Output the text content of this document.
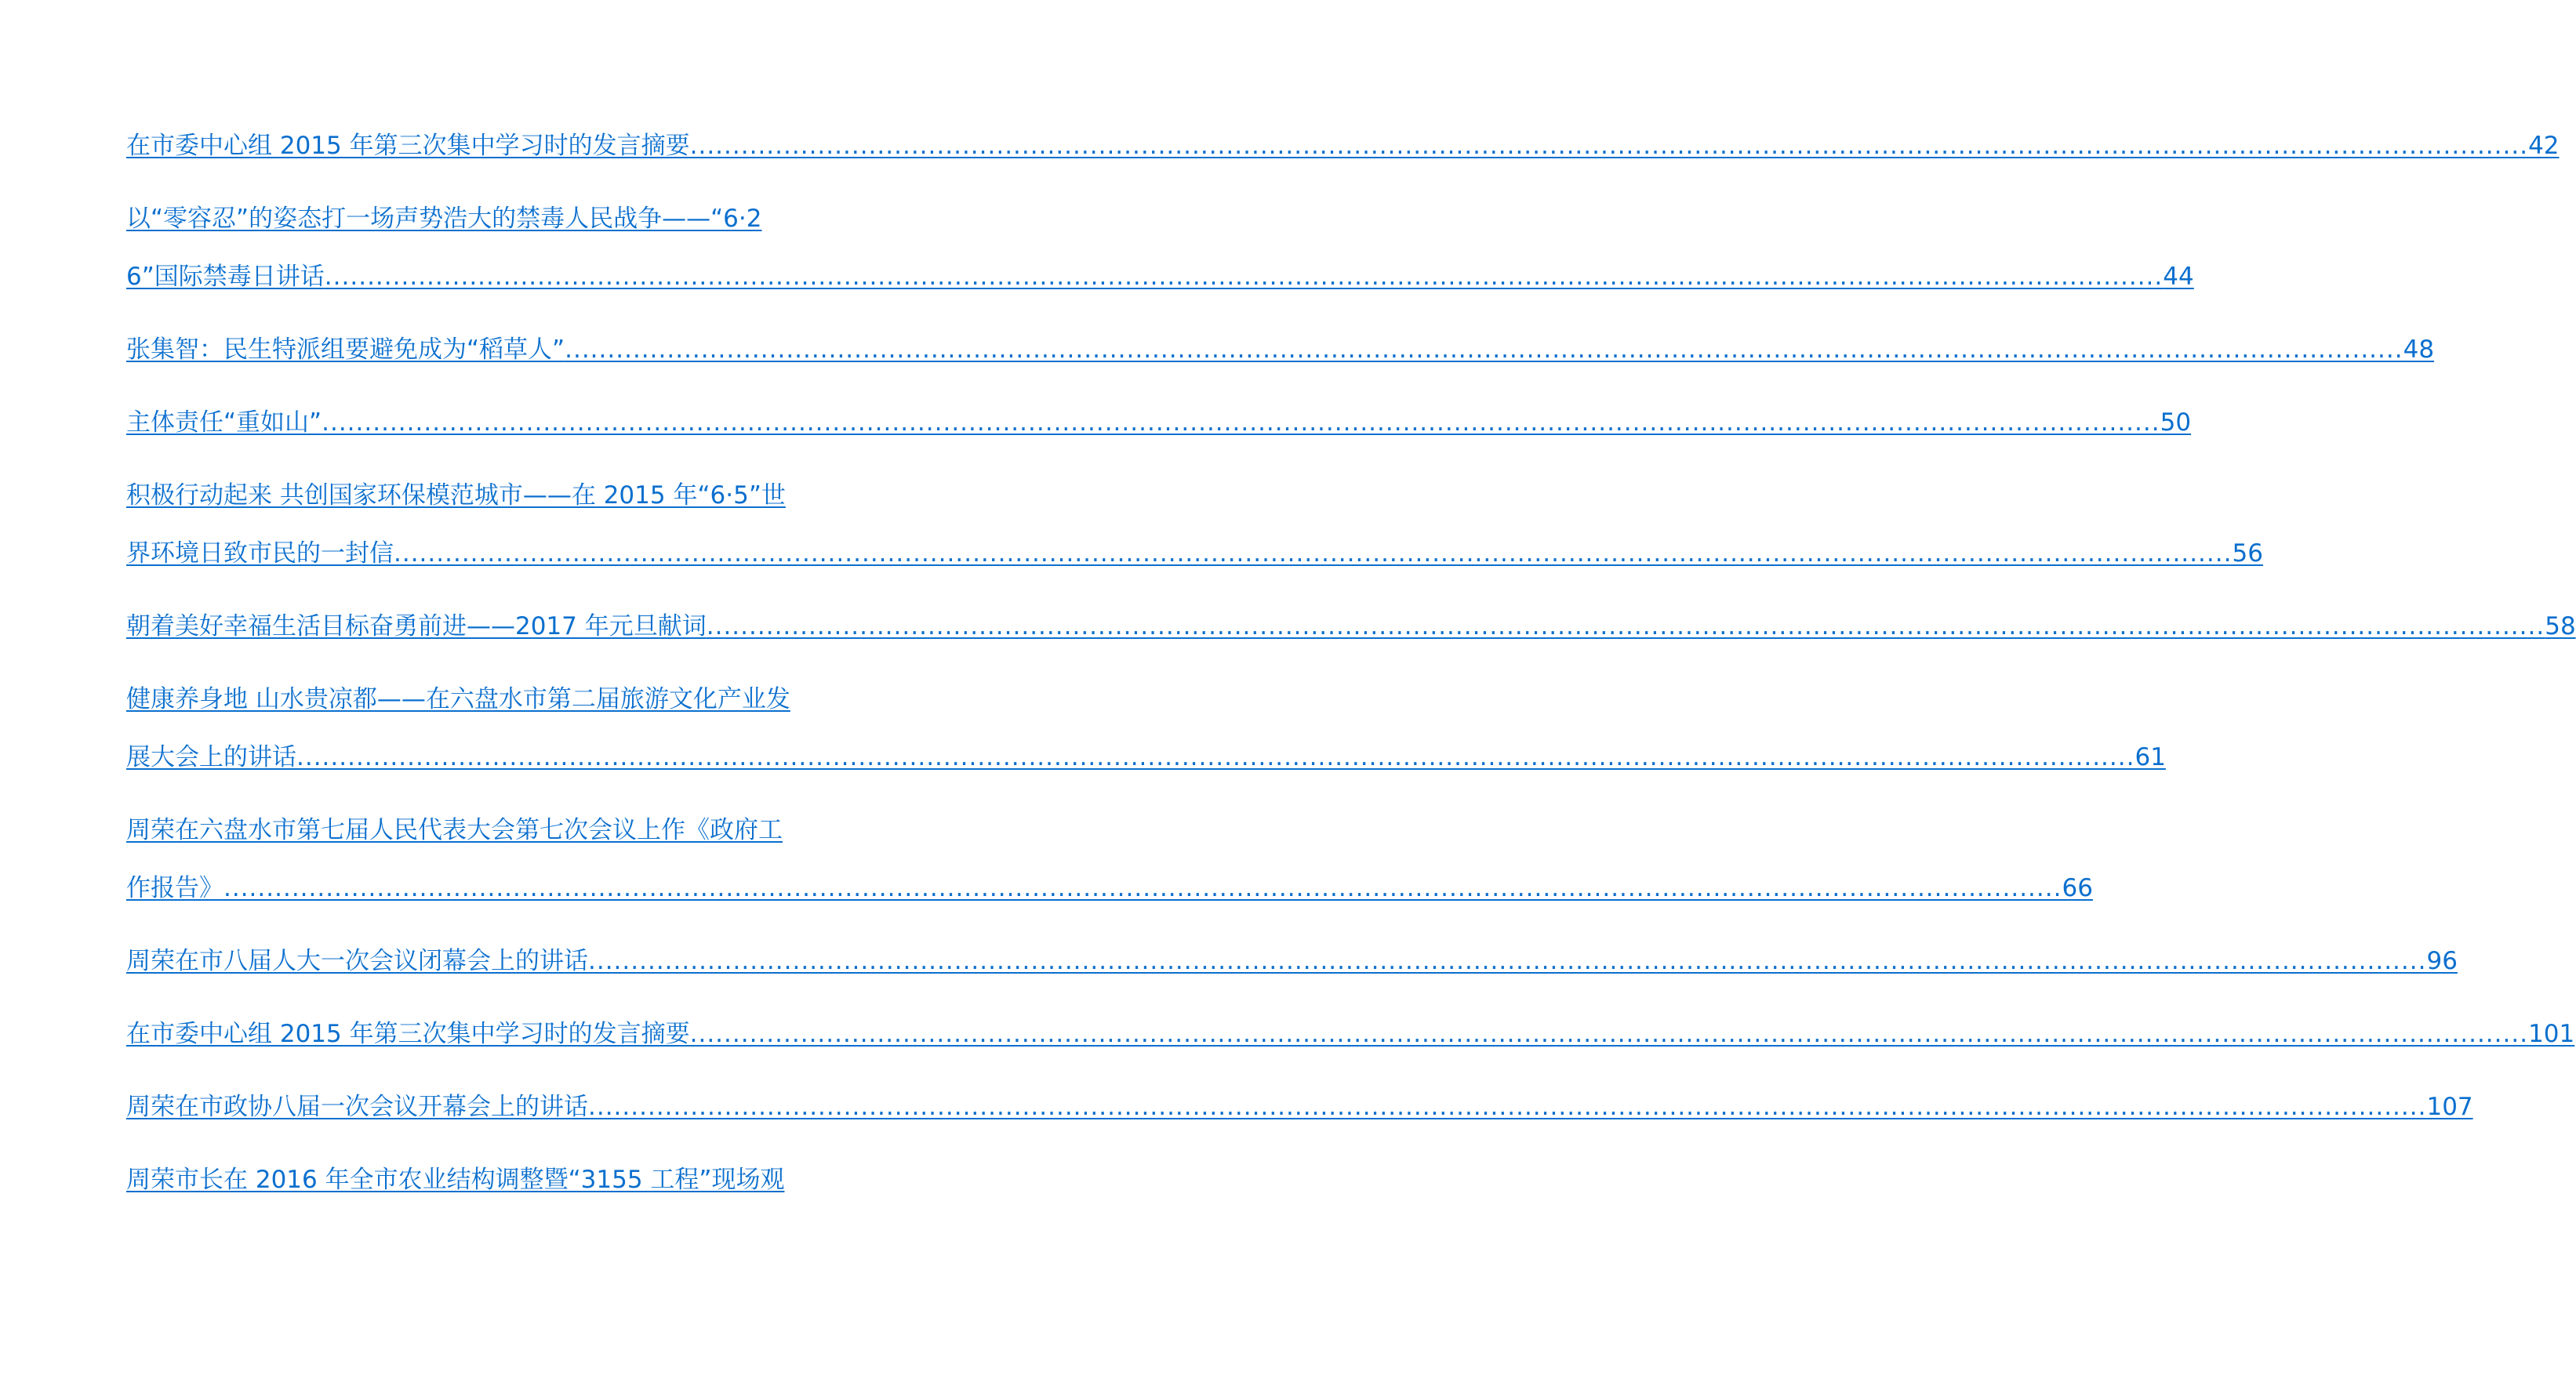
在市委中心组 2015 年第三次集中学习时的发言摘要 ........................................................................................................................................................................................................................ 42
以“零容忍”的姿态打一场声势浩大的禁毒人民战争——“6·2
6”国际禁毒日讲话 ........................................................................................................................................................................................................................ 44
张集智：民生特派组要避免成为“稻草人” ........................................................................................................................................................................................................................ 48
主体责任“重如山” ........................................................................................................................................................................................................................ 50
积极行动起来 共创国家环保模范城市——在 2015 年“6·5”世
界环境日致市民的一封信 ........................................................................................................................................................................................................................ 56
朝着美好幸福生活目标奋勇前进——2017 年元旦献词 ........................................................................................................................................................................................................................ 58
健康养身地 山水贵凉都——在六盘水市第二届旅游文化产业发
展大会上的讲话 ........................................................................................................................................................................................................................ 61
周荣在六盘水市第七届人民代表大会第七次会议上作《政府工
作报告》 ........................................................................................................................................................................................................................ 66
周荣在市八届人大一次会议闭幕会上的讲话 ........................................................................................................................................................................................................................ 96
在市委中心组 2015 年第三次集中学习时的发言摘要 ........................................................................................................................................................................................................................ 101
周荣在市政协八届一次会议开幕会上的讲话 ........................................................................................................................................................................................................................ 107
周荣市长在 2016 年全市农业结构调整暨“3155 工程”现场观
